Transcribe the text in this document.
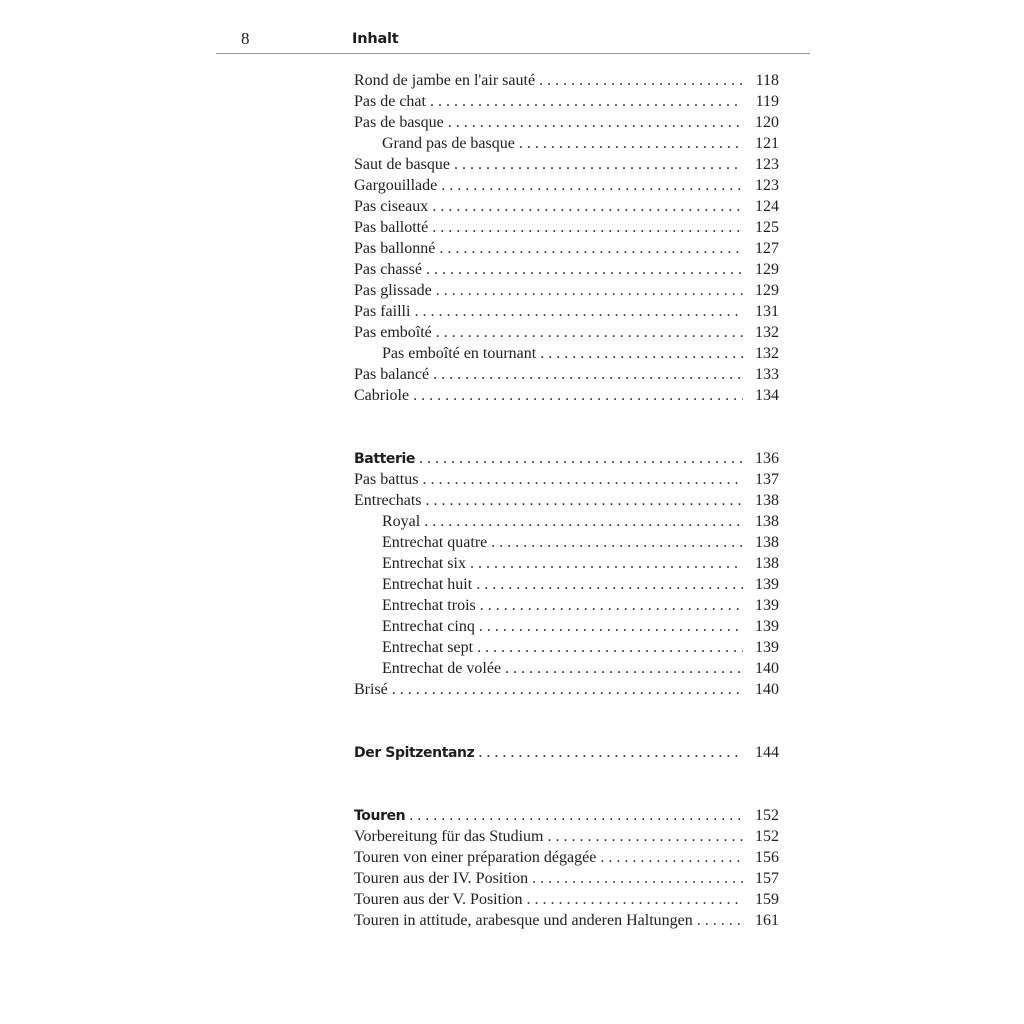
8	Inhalt
Rond de jambe en l'air sauté . . .	118
Pas de chat . . .	119
Pas de basque . . .	120
Grand pas de basque . . .	121
Saut de basque . . .	123
Gargouillade . . .	123
Pas ciseaux . . .	124
Pas ballotté . . .	125
Pas ballonné . . .	127
Pas chassé . . .	129
Pas glissade . . .	129
Pas failli . . .	131
Pas emboîté . . .	132
Pas emboîté en tournant . . .	132
Pas balancé . . .	133
Cabriole . . .	134
Batterie . . .	136
Pas battus . . .	137
Entrechats . . .	138
Royal . . .	138
Entrechat quatre . . .	138
Entrechat six . . .	138
Entrechat huit . . .	139
Entrechat trois . . .	139
Entrechat cinq . . .	139
Entrechat sept . . .	139
Entrechat de volée . . .	140
Brisé . . .	140
Der Spitzentanz . . .	144
Touren . . .	152
Vorbereitung für das Studium . . .	152
Touren von einer préparation dégagée . . .	156
Touren aus der IV. Position . . .	157
Touren aus der V. Position . . .	159
Touren in attitude, arabesque und anderen Haltungen . . .	161
